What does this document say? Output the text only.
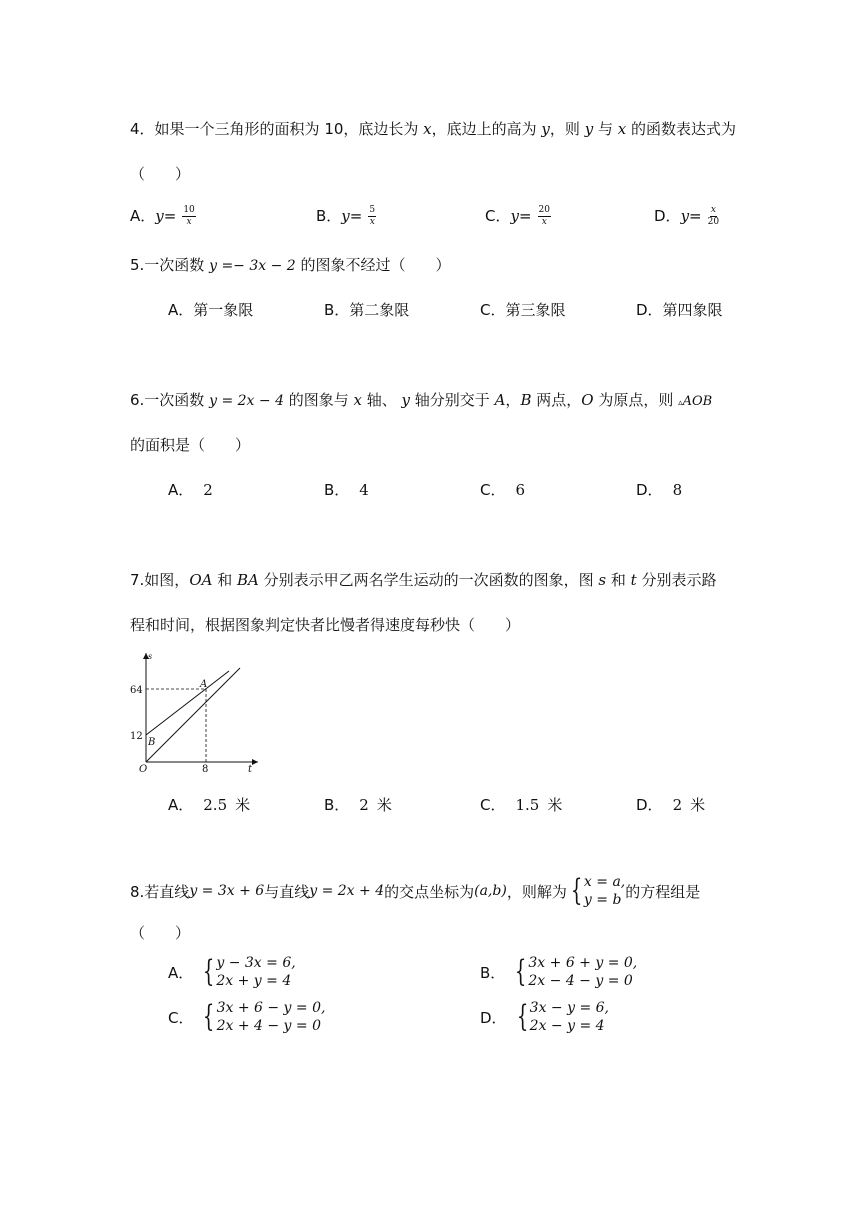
4．如果一个三角形的面积为 10，底边长为 x，底边上的高为 y，则 y 与 x 的函数表达式为
（　　）
A．$y= \frac{10}{x}$	B．$y= \frac{5}{x}$	C．$y= \frac{20}{x}$	D．$y= \frac{x}{20}$
5.一次函数 y =− 3x − 2 的图象不经过（　　）
A．第一象限	B．第二象限	C．第三象限	D．第四象限
6.一次函数 y = 2x − 4 的图象与 x 轴、 y 轴分别交于 A，B 两点，O 为原点，则 ▵AOB
的面积是（　　）
A． 2	B． 4	C． 6	D． 8
7.如图，OA 和 BA 分别表示甲乙两名学生运动的一次函数的图象，图 s 和 t 分别表示路
程和时间，根据图象判定快者比慢者得速度每秒快（　　）
s
t
O
64
12
8
A
B
A． 2.5 米	B． 2 米	C． 1.5 米	D． 2 米
8.若直线 y = 3x + 6 与直线 y = 2x + 4 的交点坐标为 (a,b) ，则解为 { x = a,
y = b 的方程组是
（　　）
A． { y − 3x = 6,
2x + y = 4	B． { 3x + 6 + y = 0,
2x − 4 − y = 0
C． { 3x + 6 − y = 0,
2x + 4 − y = 0	D． { 3x − y = 6,
2x − y = 4
